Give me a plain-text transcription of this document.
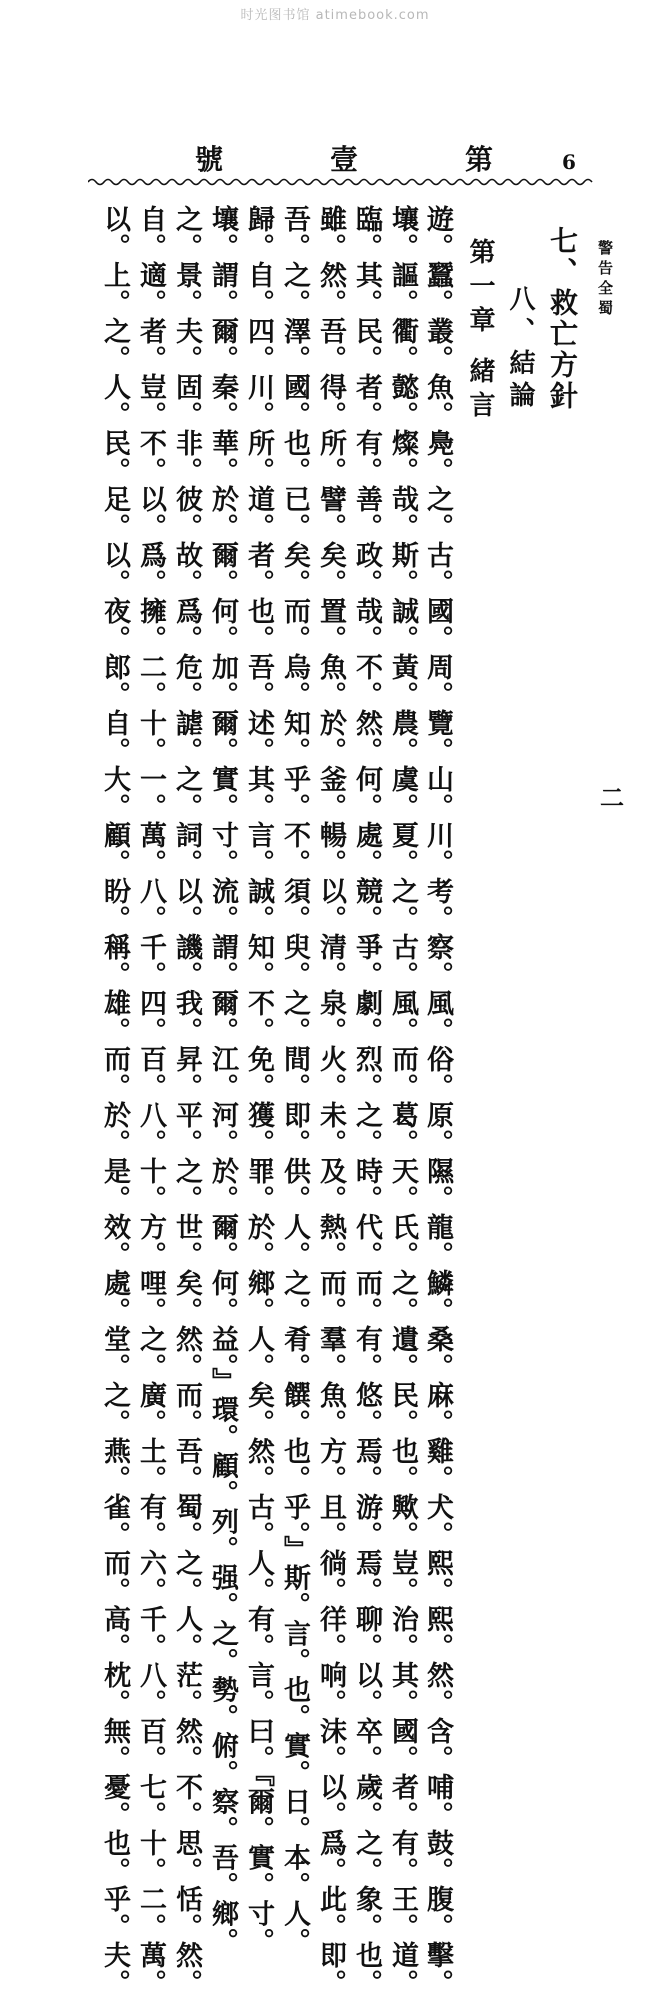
时光图书馆 atimebook.com
6
號	壹	第
警告全蜀
七、救亡方針
八、結論
第一章 緒言
遊。蠶。叢。魚。鳧。之。古。國。周。覽。山。川。考。察。風。俗。原。隰。龍。鱗。桑。麻。雞。犬。熙。熙。然。含。哺。鼓。腹。擊。
壤。謳。衢。懿。燦。哉。斯。誠。黃。農。虞。夏。之。古。風。而。葛。天。氏。之。遺。民。也。歟。豈。治。其。國。者。有。王。道。
臨。其。民。者。有。善。政。哉。不。然。何。處。競。爭。劇。烈。之。時。代。而。有。悠。焉。游。焉。聊。以。卒。歲。之。象。也。
雖。然。吾。得。所。譬。矣。置。魚。於。釜。暢。以。清。泉。火。未。及。熱。而。羣。魚。方。且。徜。徉。响。沫。以。爲。此。即。
吾。之。澤。國。也。已。矣。而。烏。知。乎。不。須。臾。之。間。即。供。人。之。肴。饌。也。乎。』斯。言。也。實。日。本。人。
歸。自。四。川。所。道。者。也。吾。述。其。言。誠。知。不。免。獲。罪。於。鄉。人。矣。然。古。人。有。言。曰。『爾。實。寸。
壤。謂。爾。秦。華。於。爾。何。加。爾。實。寸。流。謂。爾。江。河。於。爾。何。益。』環。顧。列。强。之。勢。俯。察。吾。鄉。
之。景。夫。固。非。彼。故。爲。危。謔。之。詞。以。譏。我。昇。平。之。世。矣。然。而。吾。蜀。之。人。茫。然。不。思。恬。然。
自。適。者。豈。不。以。爲。擁。二。十。一。萬。八。千。四。百。八。十。方。哩。之。廣。土。有。六。千。八。百。七。十。二。萬。
以。上。之。人。民。足。以。夜。郎。自。大。顧。盼。稱。雄。而。於。是。效。處。堂。之。燕。雀。而。高。枕。無。憂。也。乎。夫。	二
